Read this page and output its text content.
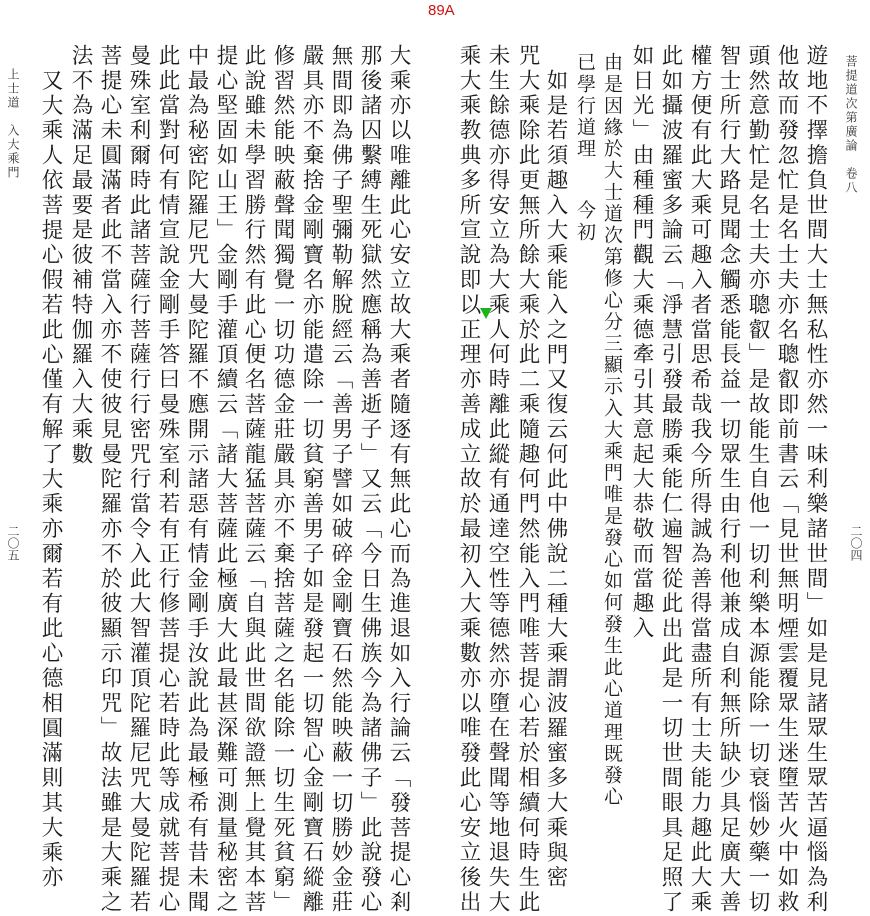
89A
菩提道次第廣論　卷八
二〇四
遊地不擇擔負世間大士無私性亦然一味利樂諸世間」如是見諸眾生眾苦逼惱為利
他故而發忽忙是名士夫亦名聰叡即前書云「見世無明煙雲覆眾生迷墮苦火中如救
頭然意勤忙是名士夫亦聰叡」是故能生自他一切利樂本源能除一切衰惱妙藥一切
智士所行大路見聞念觸悉能長益一切眾生由行利他兼成自利無所缺少具足廣大善
權方便有此大乘可趣入者當思希哉我今所得誠為善得當盡所有士夫能力趣此大乘
此如攝波羅蜜多論云「淨慧引發最勝乘能仁遍智從此出此是一切世間眼具足照了
如日光」由種種門觀大乘德牽引其意起大恭敬而當趣入
由是因緣於大士道次第修心分三顯示入大乘門唯是發心如何發生此心道理既發心
已學行道理今初
如是若須趣入大乘能入之門又復云何此中佛說二種大乘謂波羅蜜多大乘與密
咒大乘除此更無所餘大乘於此二乘隨趣何門然能入門唯菩提心若於相續何時生此
未生餘德亦得安立為大乘人何時離此縱有通達空性等德然亦墮在聲聞等地退失大
乘大乘教典多所宣說即以正理亦善成立故於最初入大乘數亦以唯發此心安立後出
上士道　入大乘門
二〇五	大乘亦以唯離此心安立故大乘者隨逐有無此心而為進退如入行論云「發菩提心剎
那後諸囚繫縛生死獄然應稱為善逝子」又云「今日生佛族今為諸佛子」此說發心
無間即為佛子聖彌勒解脫經云「善男子譬如破碎金剛寶石然能映蔽一切勝妙金莊
嚴具亦不棄捨金剛寶名亦能遣除一切貧窮善男子如是發起一切智心金剛寶石縱離
修習然能映蔽聲聞獨覺一切功德金莊嚴具亦不棄捨菩薩之名能除一切生死貧窮」
此說雖未學習勝行然有此心便名菩薩龍猛菩薩云「自與此世間欲證無上覺其本菩
提心堅固如山王」金剛手灌頂續云「諸大菩薩此極廣大此最甚深難可測量秘密之
中最為秘密陀羅尼咒大曼陀羅不應開示諸惡有情金剛手汝說此為最極希有昔未聞
此此當對何有情宣說金剛手答曰曼殊室利若有正行修菩提心若時此等成就菩提心
曼殊室利爾時此諸菩薩行菩薩行行密咒行當令入此大智灌頂陀羅尼咒大曼陀羅若
菩提心未圓滿者此不當入亦不使彼見曼陀羅亦不於彼顯示印咒」故法雖是大乘之
法不為滿足最要是彼補特伽羅入大乘數
又大乘人依菩提心假若此心僅有解了大乘亦爾若有此心德相圓滿則其大乘亦
